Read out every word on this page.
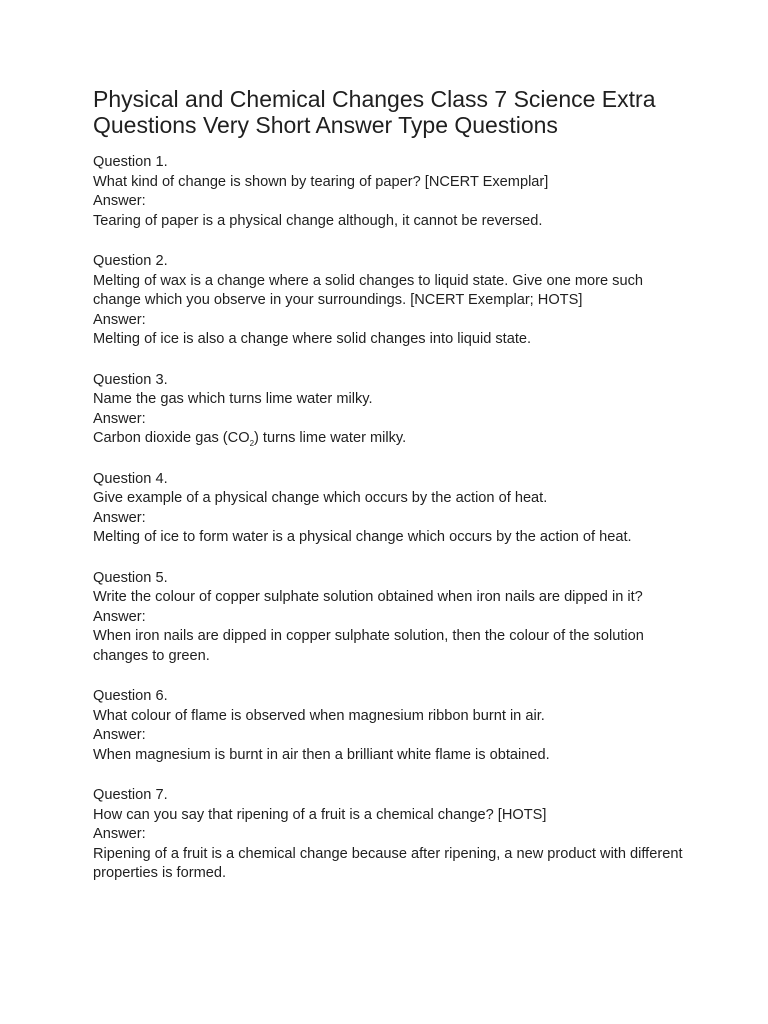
Physical and Chemical Changes Class 7 Science Extra Questions Very Short Answer Type Questions
Question 1.
What kind of change is shown by tearing of paper? [NCERT Exemplar]
Answer:
Tearing of paper is a physical change although, it cannot be reversed.
Question 2.
Melting of wax is a change where a solid changes to liquid state. Give one more such change which you observe in your surroundings. [NCERT Exemplar; HOTS]
Answer:
Melting of ice is also a change where solid changes into liquid state.
Question 3.
Name the gas which turns lime water milky.
Answer:
Carbon dioxide gas $(CO_2)$ turns lime water milky.
Question 4.
Give example of a physical change which occurs by the action of heat.
Answer:
Melting of ice to form water is a physical change which occurs by the action of heat.
Question 5.
Write the colour of copper sulphate solution obtained when iron nails are dipped in it?
Answer:
When iron nails are dipped in copper sulphate solution, then the colour of the solution changes to green.
Question 6.
What colour of flame is observed when magnesium ribbon burnt in air.
Answer:
When magnesium is burnt in air then a brilliant white flame is obtained.
Question 7.
How can you say that ripening of a fruit is a chemical change? [HOTS]
Answer:
Ripening of a fruit is a chemical change because after ripening, a new product with different properties is formed.
